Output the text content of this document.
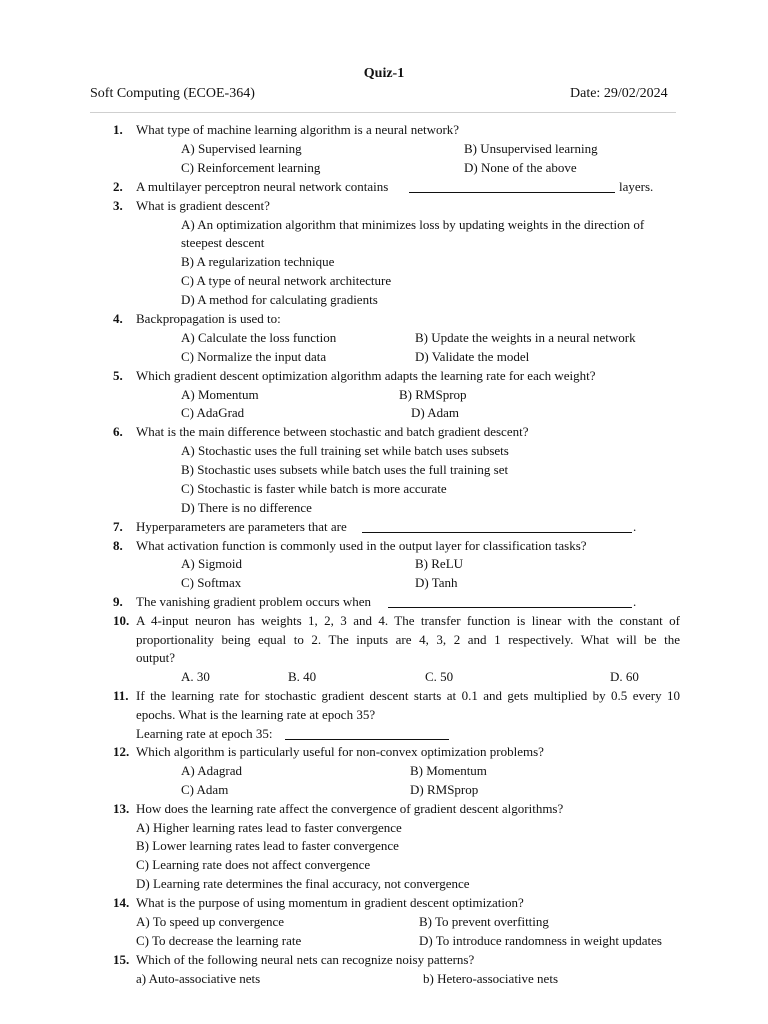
Quiz-1
Soft Computing (ECOE-364)	Date: 29/02/2024
1. What type of machine learning algorithm is a neural network?
A) Supervised learning	B) Unsupervised learning
C) Reinforcement learning	D) None of the above
2. A multilayer perceptron neural network contains	layers.
3. What is gradient descent?
A) An optimization algorithm that minimizes loss by updating weights in the direction of
steepest descent
B) A regularization technique
C) A type of neural network architecture
D) A method for calculating gradients
4. Backpropagation is used to:
A) Calculate the loss function	B) Update the weights in a neural network
C) Normalize the input data	D) Validate the model
5. Which gradient descent optimization algorithm adapts the learning rate for each weight?
A) Momentum	B) RMSprop
C) AdaGrad	D) Adam
6. What is the main difference between stochastic and batch gradient descent?
A) Stochastic uses the full training set while batch uses subsets
B) Stochastic uses subsets while batch uses the full training set
C) Stochastic is faster while batch is more accurate
D) There is no difference
7. Hyperparameters are parameters that are	.
8. What activation function is commonly used in the output layer for classification tasks?
A) Sigmoid	B) ReLU
C) Softmax	D) Tanh
9. The vanishing gradient problem occurs when	.
10. A 4-input neuron has weights 1, 2, 3 and 4. The transfer function is linear with the constant of
proportionality being equal to 2. The inputs are 4, 3, 2 and 1 respectively. What will be the
output?
A. 30	B. 40	C. 50	D. 60
11. If the learning rate for stochastic gradient descent starts at 0.1 and gets multiplied by 0.5 every 10
epochs. What is the learning rate at epoch 35?
Learning rate at epoch 35:
12. Which algorithm is particularly useful for non-convex optimization problems?
A) Adagrad	B) Momentum
C) Adam	D) RMSprop
13. How does the learning rate affect the convergence of gradient descent algorithms?
A) Higher learning rates lead to faster convergence
B) Lower learning rates lead to faster convergence
C) Learning rate does not affect convergence
D) Learning rate determines the final accuracy, not convergence
14. What is the purpose of using momentum in gradient descent optimization?
A) To speed up convergence	B) To prevent overfitting
C) To decrease the learning rate	D) To introduce randomness in weight updates
15. Which of the following neural nets can recognize noisy patterns?
a) Auto-associative nets	b) Hetero-associative nets
